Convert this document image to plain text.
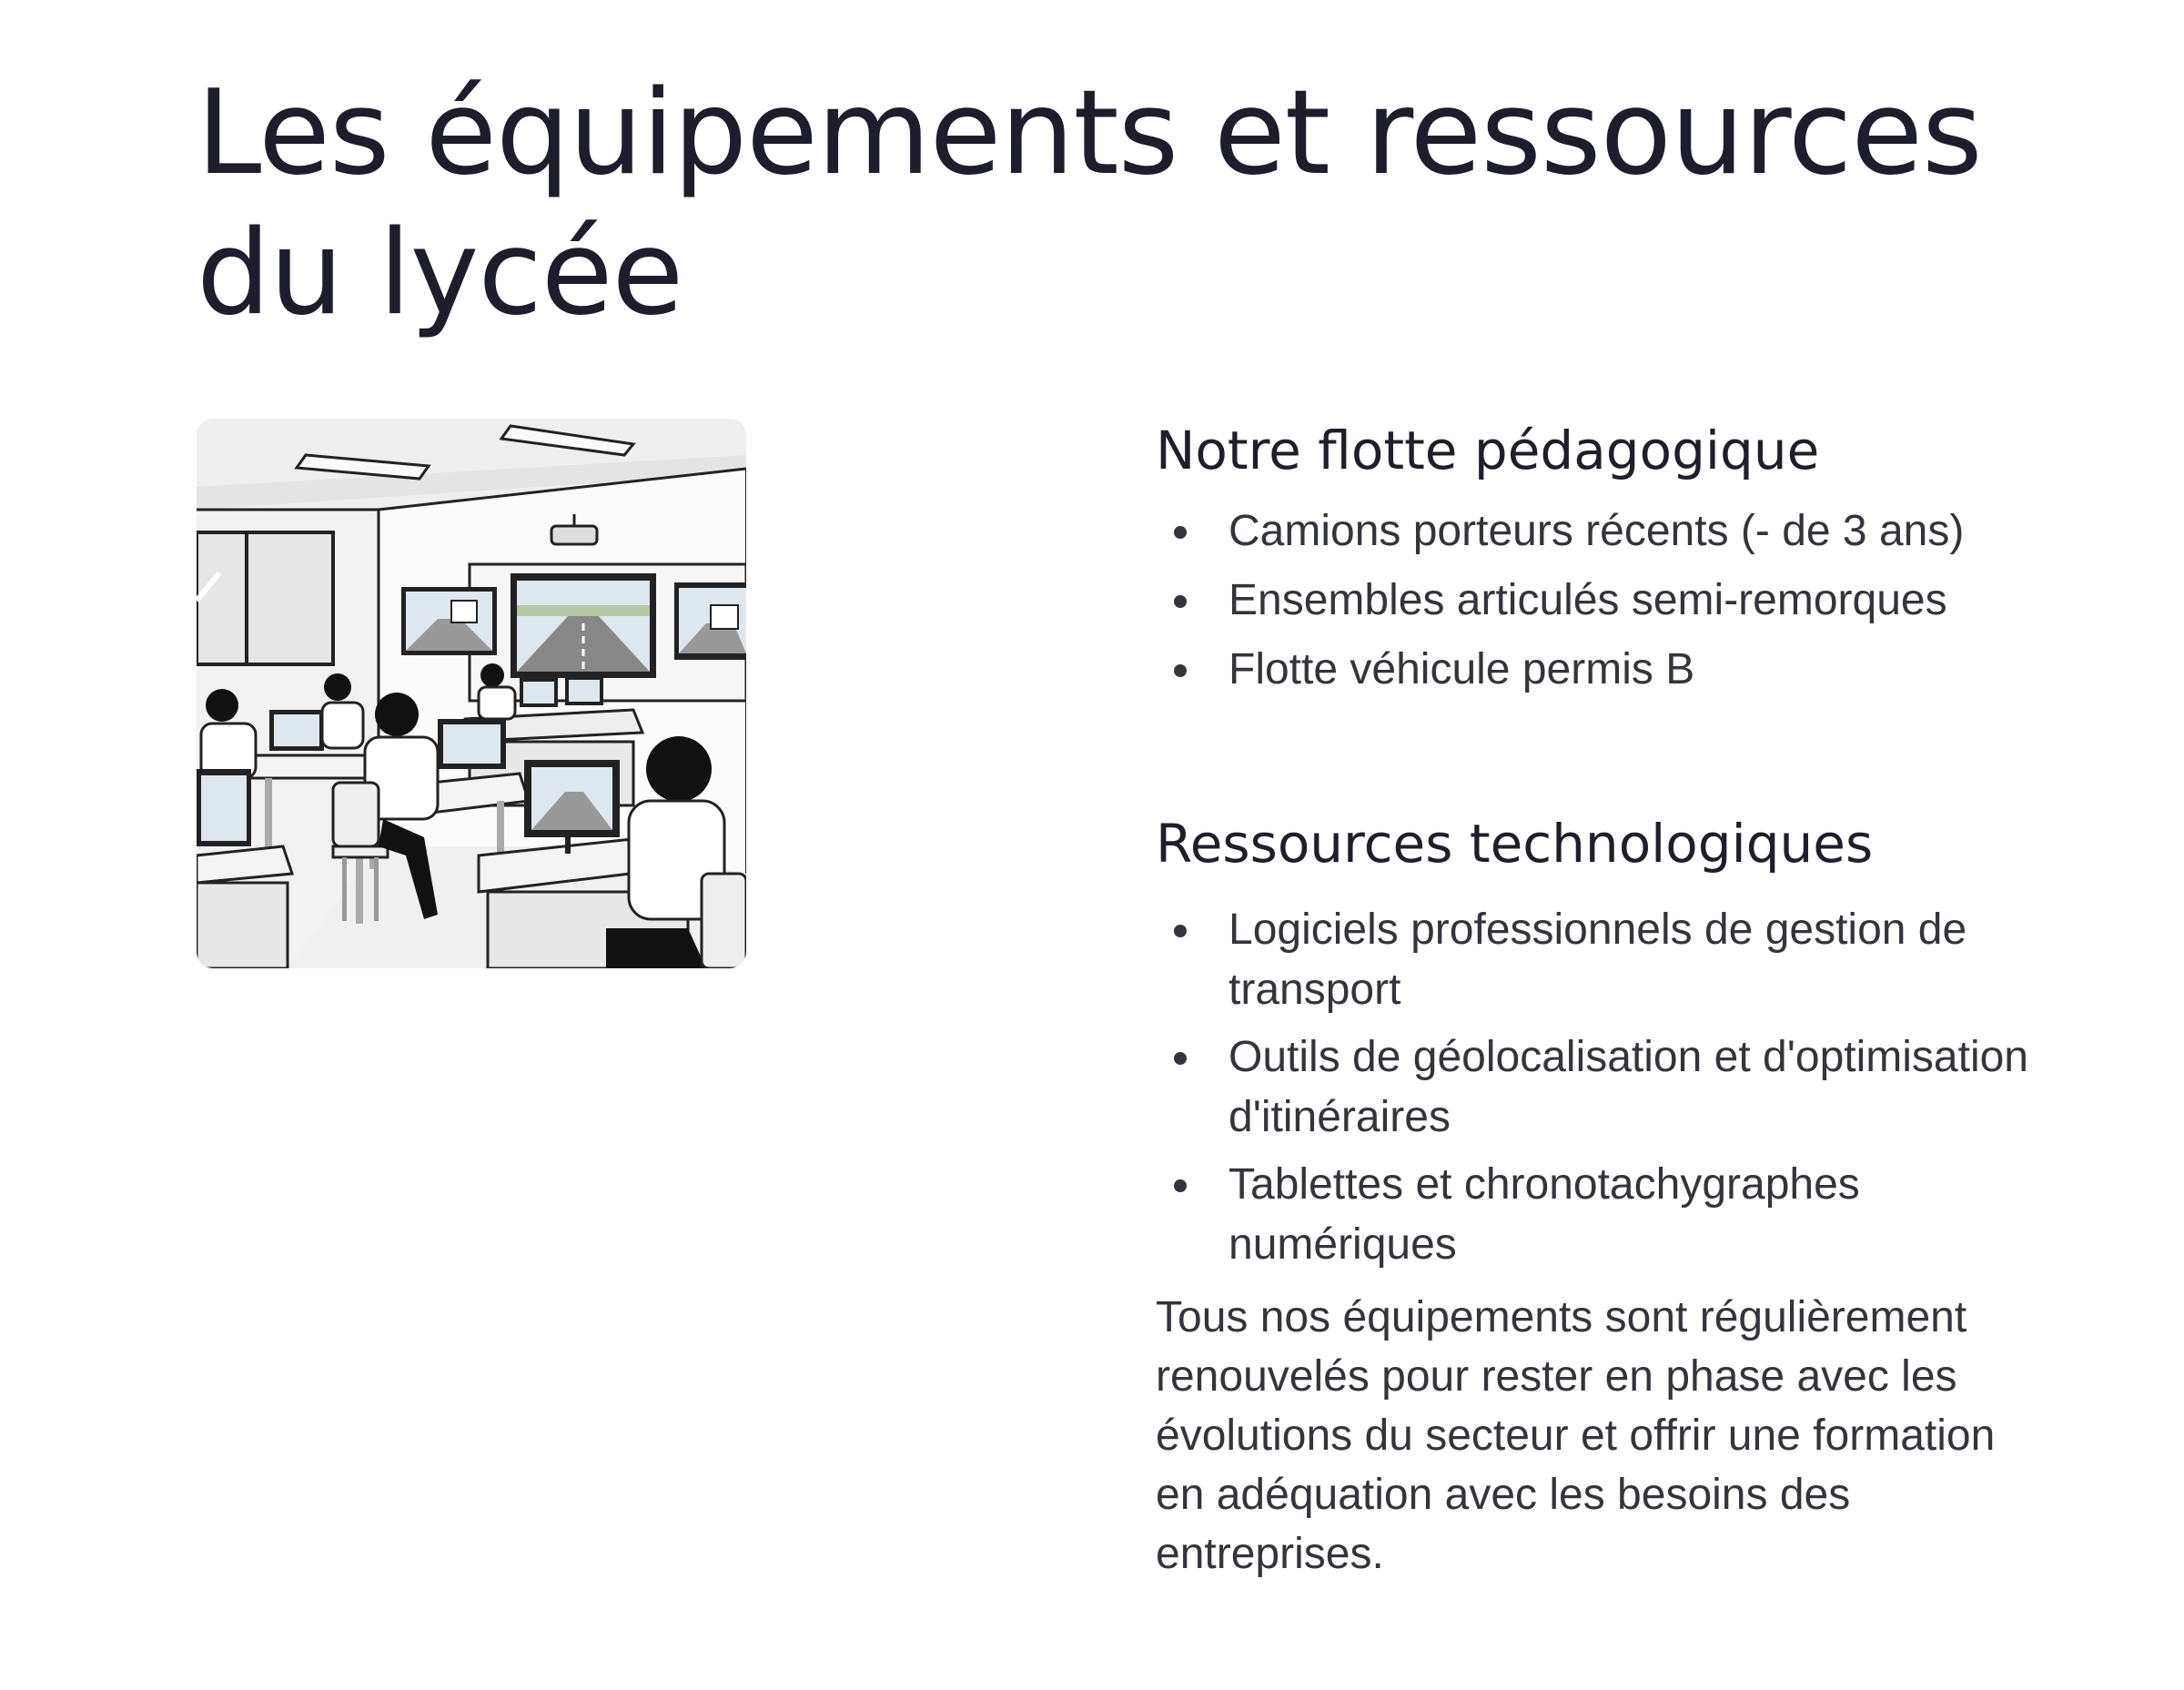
Les équipements et ressources du lycée
Notre flotte pédagogique
Camions porteurs récents (- de 3 ans)
Ensembles articulés semi-remorques
Flotte véhicule permis B
Ressources technologiques
Logiciels professionnels de gestion de transport
Outils de géolocalisation et d'optimisation d'itinéraires
Tablettes et chronotachygraphes numériques

Tous nos équipements sont régulièrement renouvelés pour rester en phase avec les évolutions du secteur et offrir une formation en adéquation avec les besoins des entreprises.
